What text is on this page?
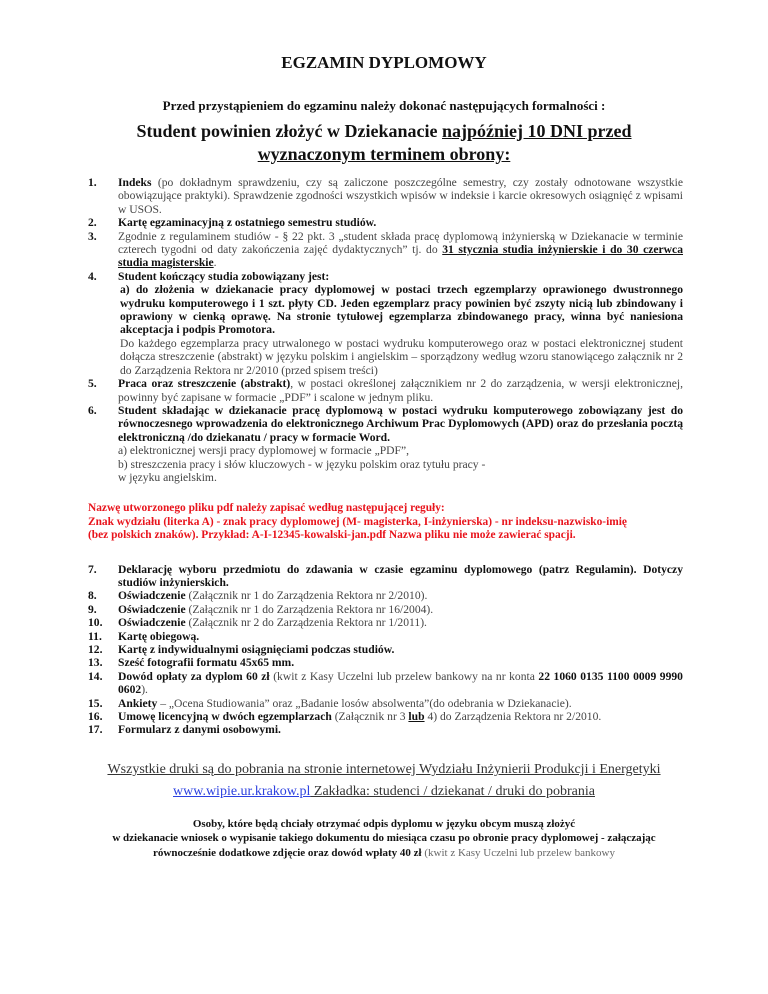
EGZAMIN DYPLOMOWY
Przed przystąpieniem do egzaminu należy dokonać następujących formalności :
Student powinien złożyć w Dziekanacie najpóźniej 10 DNI przed
wyznaczonym terminem obrony:
1.	Indeks (po dokładnym sprawdzeniu, czy są zaliczone poszczególne semestry, czy zostały odnotowane wszystkie obowiązujące praktyki). Sprawdzenie zgodności wszystkich wpisów w indeksie i karcie okresowych osiągnięć z wpisami w USOS.
2.	Kartę egzaminacyjną z ostatniego semestru studiów.
3.	Zgodnie z regulaminem studiów - § 22 pkt. 3 „student składa pracę dyplomową inżynierską w Dziekanacie w terminie czterech tygodni od daty zakończenia zajęć dydaktycznych” tj. do 31 stycznia studia inżynierskie i do 30 czerwca studia magisterskie.
4.	Student kończący studia zobowiązany jest:

a) do złożenia w dziekanacie pracy dyplomowej w postaci trzech egzemplarzy oprawionego dwustronnego wydruku komputerowego i 1 szt. płyty CD. Jeden egzemplarz pracy powinien być zszyty nicią lub zbindowany i oprawiony w cienką oprawę. Na stronie tytułowej egzemplarza zbindowanego pracy, winna być naniesiona akceptacja i podpis Promotora.
Do każdego egzemplarza pracy utrwalonego w postaci wydruku komputerowego oraz w postaci elektronicznej student dołącza streszczenie (abstrakt) w języku polskim i angielskim – sporządzony według wzoru stanowiącego załącznik nr 2 do Zarządzenia Rektora nr 2/2010 (przed spisem treści)
5.	Praca oraz streszczenie (abstrakt), w postaci określonej załącznikiem nr 2 do zarządzenia, w wersji elektronicznej, powinny być zapisane w formacie „PDF” i scalone w jednym pliku.
6.	Student składając w dziekanacie pracę dyplomową w postaci wydruku komputerowego zobowiązany jest do równoczesnego wprowadzenia do elektronicznego Archiwum Prac Dyplomowych (APD) oraz do przesłania pocztą elektroniczną /do dziekanatu / pracy w formacie Word.
a) elektronicznej wersji pracy dyplomowej w formacie „PDF”,
b) streszczenia pracy i słów kluczowych - w języku polskim oraz tytułu pracy -
w języku angielskim.
Nazwę utworzonego pliku pdf należy zapisać według następującej reguły:
Znak wydziału (literka A) - znak pracy dyplomowej (M- magisterka, I-inżynierska) - nr indeksu-nazwisko-imię
(bez polskich znaków). Przykład: A-I-12345-kowalski-jan.pdf Nazwa pliku nie może zawierać spacji.
7.	Deklarację wyboru przedmiotu do zdawania w czasie egzaminu dyplomowego (patrz Regulamin). Dotyczy studiów inżynierskich.
8.	Oświadczenie (Załącznik nr 1 do Zarządzenia Rektora nr 2/2010).
9.	Oświadczenie (Załącznik nr 1 do Zarządzenia Rektora nr 16/2004).
10.	Oświadczenie (Załącznik nr 2 do Zarządzenia Rektora nr 1/2011).
11.	Kartę obiegową.
12.	Kartę z indywidualnymi osiągnięciami podczas studiów.
13.	Sześć fotografii formatu 45x65 mm.
14.	Dowód opłaty za dyplom 60 zł (kwit z Kasy Uczelni lub przelew bankowy na nr konta 22 1060 0135 1100 0009 9990 0602).
15.	Ankiety – „Ocena Studiowania” oraz „Badanie losów absolwenta”(do odebrania w Dziekanacie).
16.	Umowę licencyjną w dwóch egzemplarzach (Załącznik nr 3 lub 4) do Zarządzenia Rektora nr 2/2010.
17.	Formularz z danymi osobowymi.
Wszystkie druki są do pobrania na stronie internetowej Wydziału Inżynierii Produkcji i Energetyki
www.wipie.ur.krakow.pl Zakładka: studenci / dziekanat / druki do pobrania
Osoby, które będą chciały otrzymać odpis dyplomu w języku obcym muszą złożyć
w dziekanacie wniosek o wypisanie takiego dokumentu do miesiąca czasu po obronie pracy dyplomowej - załączając
równocześnie dodatkowe zdjęcie oraz dowód wpłaty 40 zł (kwit z Kasy Uczelni lub przelew bankowy
